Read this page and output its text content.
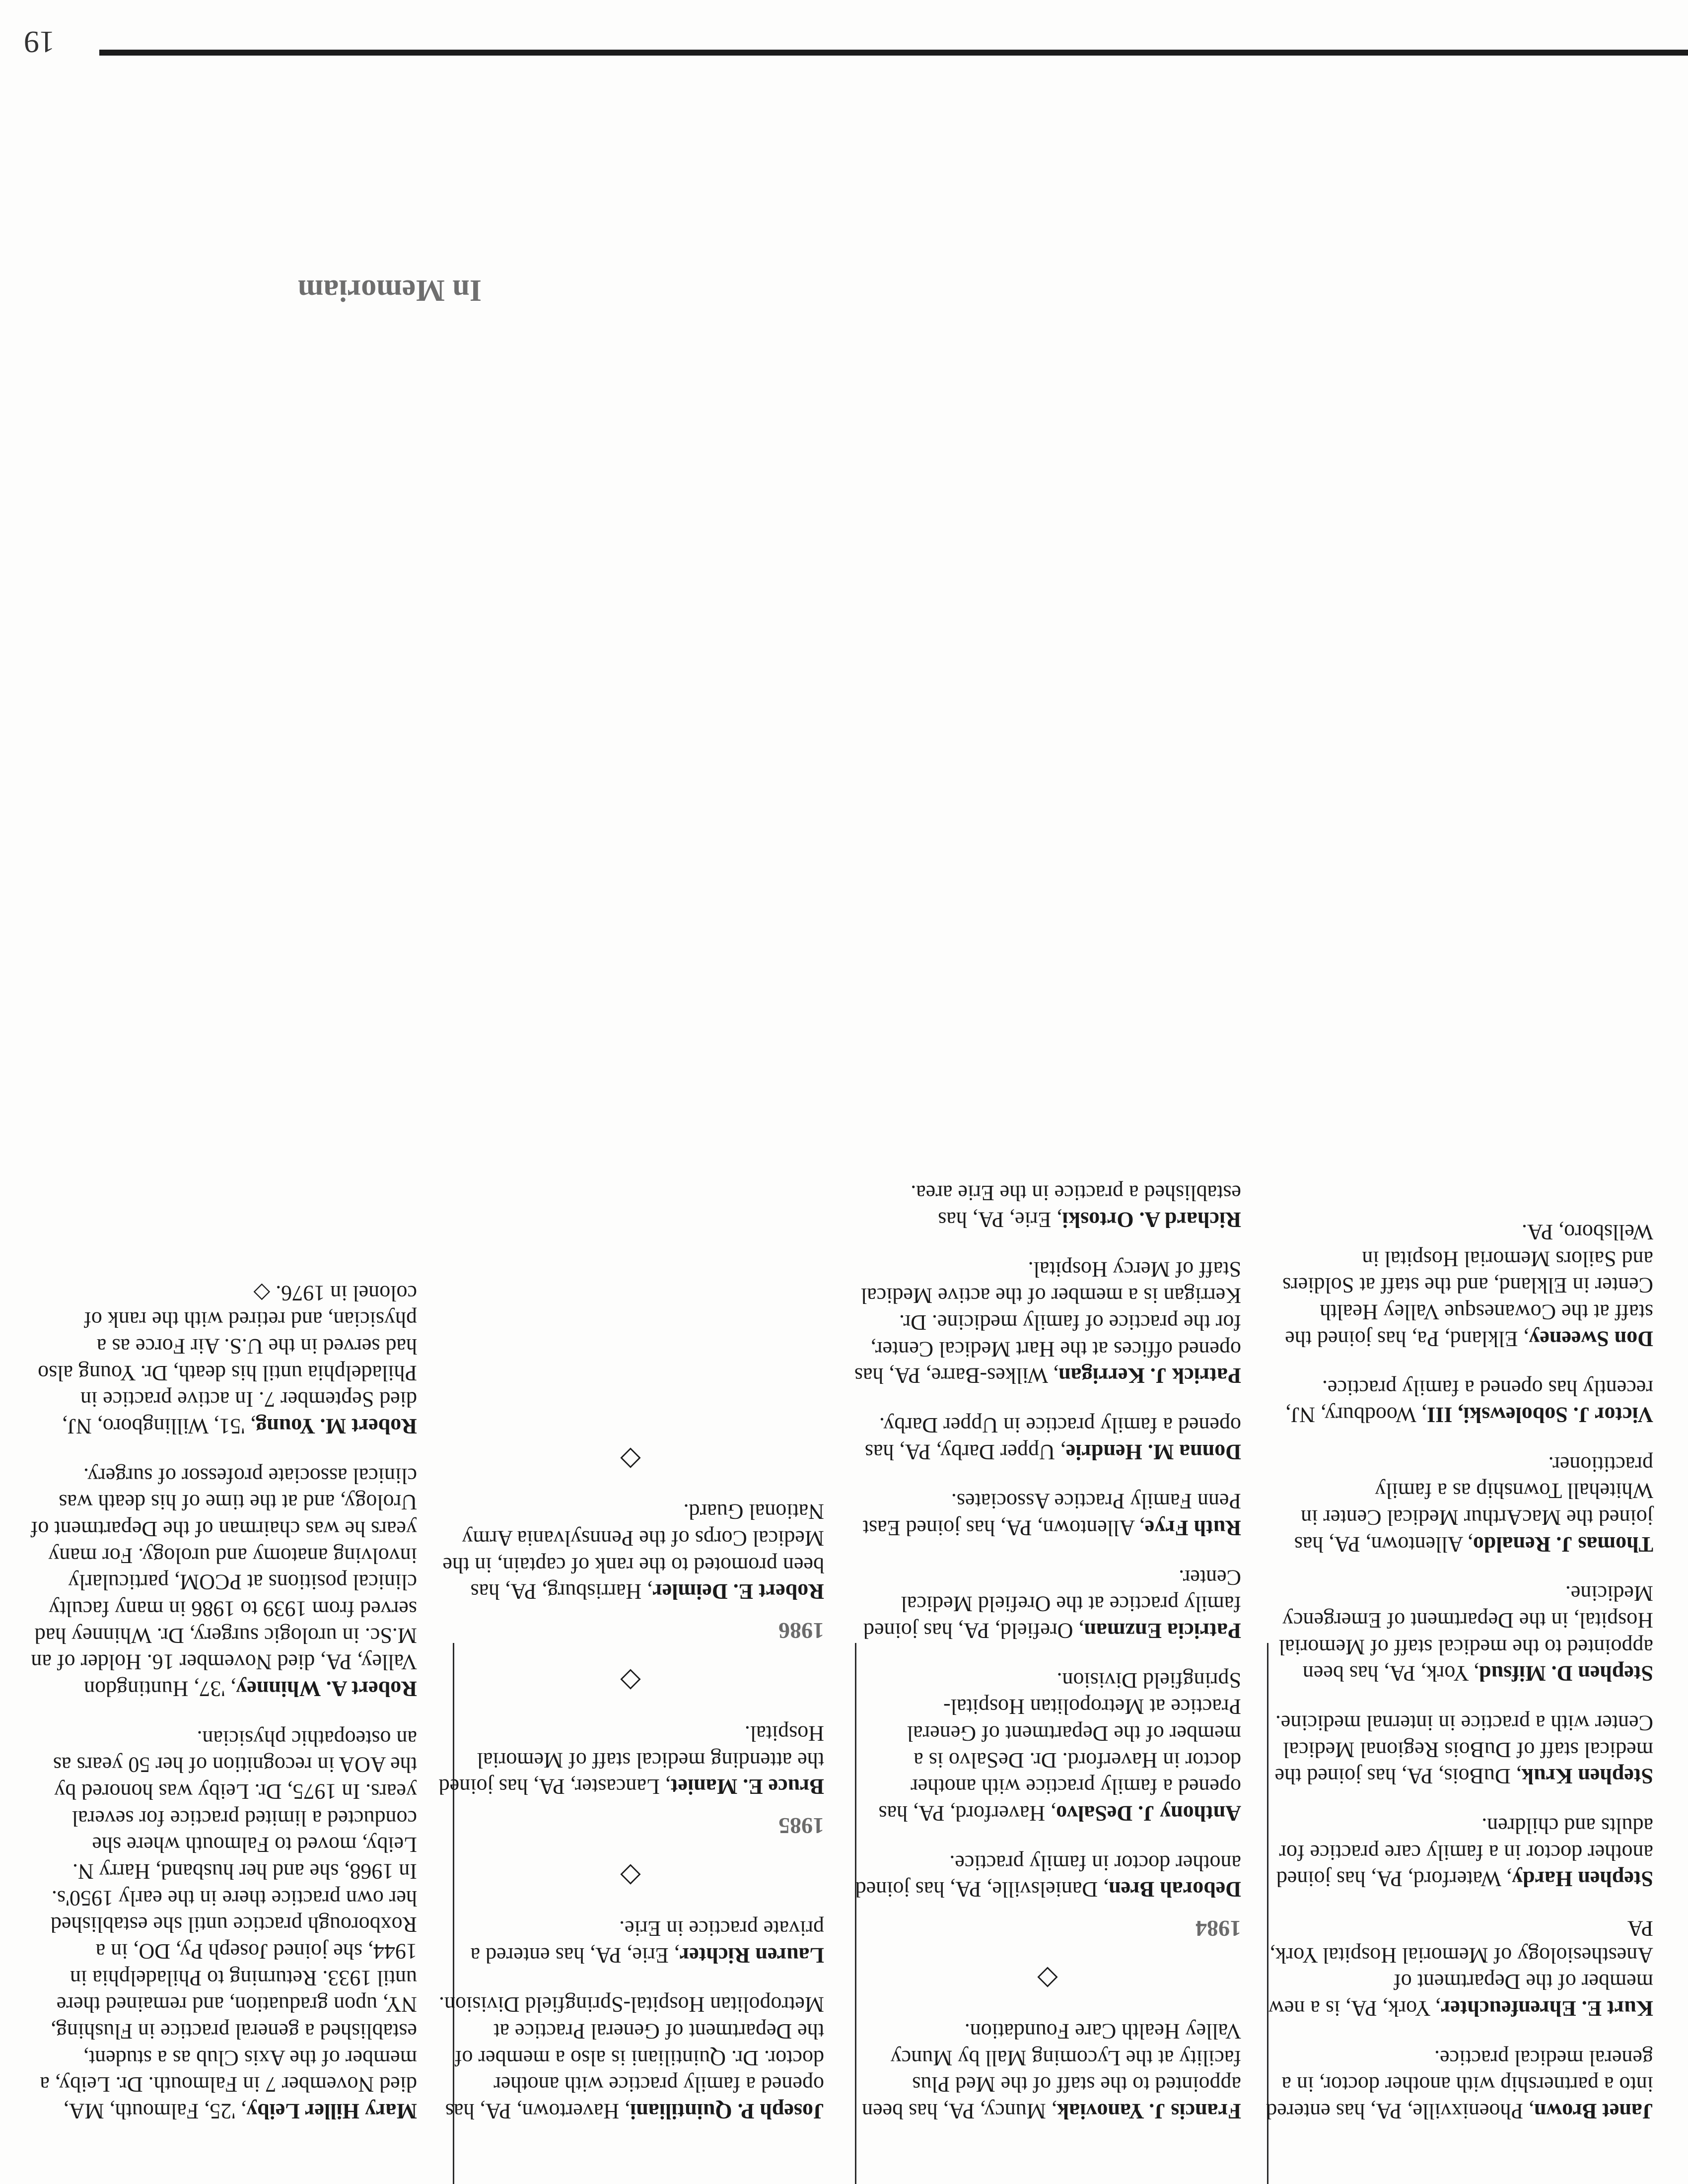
Janet Brown, Phoenixville, PA, has entered into a partnership with another doctor, in a general medical practice.

Kurt E. Ehrenfeuchter, York, PA, is a new member of the Department of Anesthesiology of Memorial Hospital York, PA

Stephen Hardy, Waterford, PA, has joined another doctor in a family care practice for adults and children.

Stephen Kruk, DuBois, PA, has joined the medical staff of DuBois Regional Medical Center with a practice in internal medicine.

Stephen D. Mifsud, York, PA, has been appointed to the medical staff of Memorial Hospital, in the Department of Emergency Medicine.

Thomas J. Renaldo, Allentown, PA, has joined the MacArthur Medical Center in Whitehall Township as a family practitioner.

Victor J. Sobolewski, III, Woodbury, NJ, recently has opened a family practice.

Don Sweeney, Elkland, Pa, has joined the staff at the Cowanesque Valley Health Center in Elkland, and the staff at Soldiers and Sailors Memorial Hospital in Wellsboro, PA.

Francis J. Yanoviak, Muncy, PA, has been appointed to the staff of the Med Plus facility at the Lycoming Mall by Muncy Valley Health Care Foundation.

◇
1984

Deborah Bren, Danielsville, PA, has joined another doctor in family practice.

Anthony J. DeSalvo, Haverford, PA, has opened a family practice with another doctor in Haverford. Dr. DeSalvo is a member of the Department of General Practice at Metropolitan Hospital-Springfield Division.

Patricia Enzman, Orefield, PA, has joined family practice at the Orefield Medical Center.

Ruth Frye, Allentown, PA, has joined East Penn Family Practice Associates.

Donna M. Hendrie, Upper Darby, PA, has opened a family practice in Upper Darby.

Patrick J. Kerrigan, Wilkes-Barre, PA, has opened offices at the Hart Medical Center, for the practice of family medicine. Dr. Kerrigan is a member of the active Medical Staff of Mercy Hospital.

Richard A. Ortoski, Erie, PA, has established a practice in the Erie area.

Joseph P. Quintiliani, Havertown, PA, has opened a family practice with another doctor. Dr. Quintiliani is also a member of the Department of General Practice at Metropolitan Hospital-Springfield Division.

Lauren Richter, Erie, PA, has entered a private practice in Erie.

◇
1985

Bruce E. Maniet, Lancaster, PA, has joined the attending medical staff of Memorial Hospital.

◇
1986

Robert E. Deimler, Harrisburg, PA, has been promoted to the rank of captain, in the Medical Corps of the Pennsylvania Army National Guard.

◇

Mary Hiller Leiby, '25, Falmouth, MA, died November 7 in Falmouth. Dr. Leiby, a member of the Axis Club as a student, established a general practice in Flushing, NY, upon graduation, and remained there until 1933. Returning to Philadelphia in 1944, she joined Joseph Py, DO, in a Roxborough practice until she established her own practice there in the early 1950's. In 1968, she and her husband, Harry N. Leiby, moved to Falmouth where she conducted a limited practice for several years. In 1975, Dr. Leiby was honored by the AOA in recognition of her 50 years as an osteopathic physician.

Robert A. Whinney, '37, Huntingdon Valley, PA, died November 16. Holder of an M.Sc. in urologic surgery, Dr. Whinney had served from 1939 to 1986 in many faculty clinical positions at PCOM, particularly involving anatomy and urology. For many years he was chairman of the Department of Urology, and at the time of his death was clinical associate professor of surgery.

Robert M. Young, '51, Willingboro, NJ, died September 7. In active practice in Philadelphia until his death, Dr. Young also had served in the U.S. Air Force as a physician, and retired with the rank of colonel in 1976. ◇

In Memoriam
19
